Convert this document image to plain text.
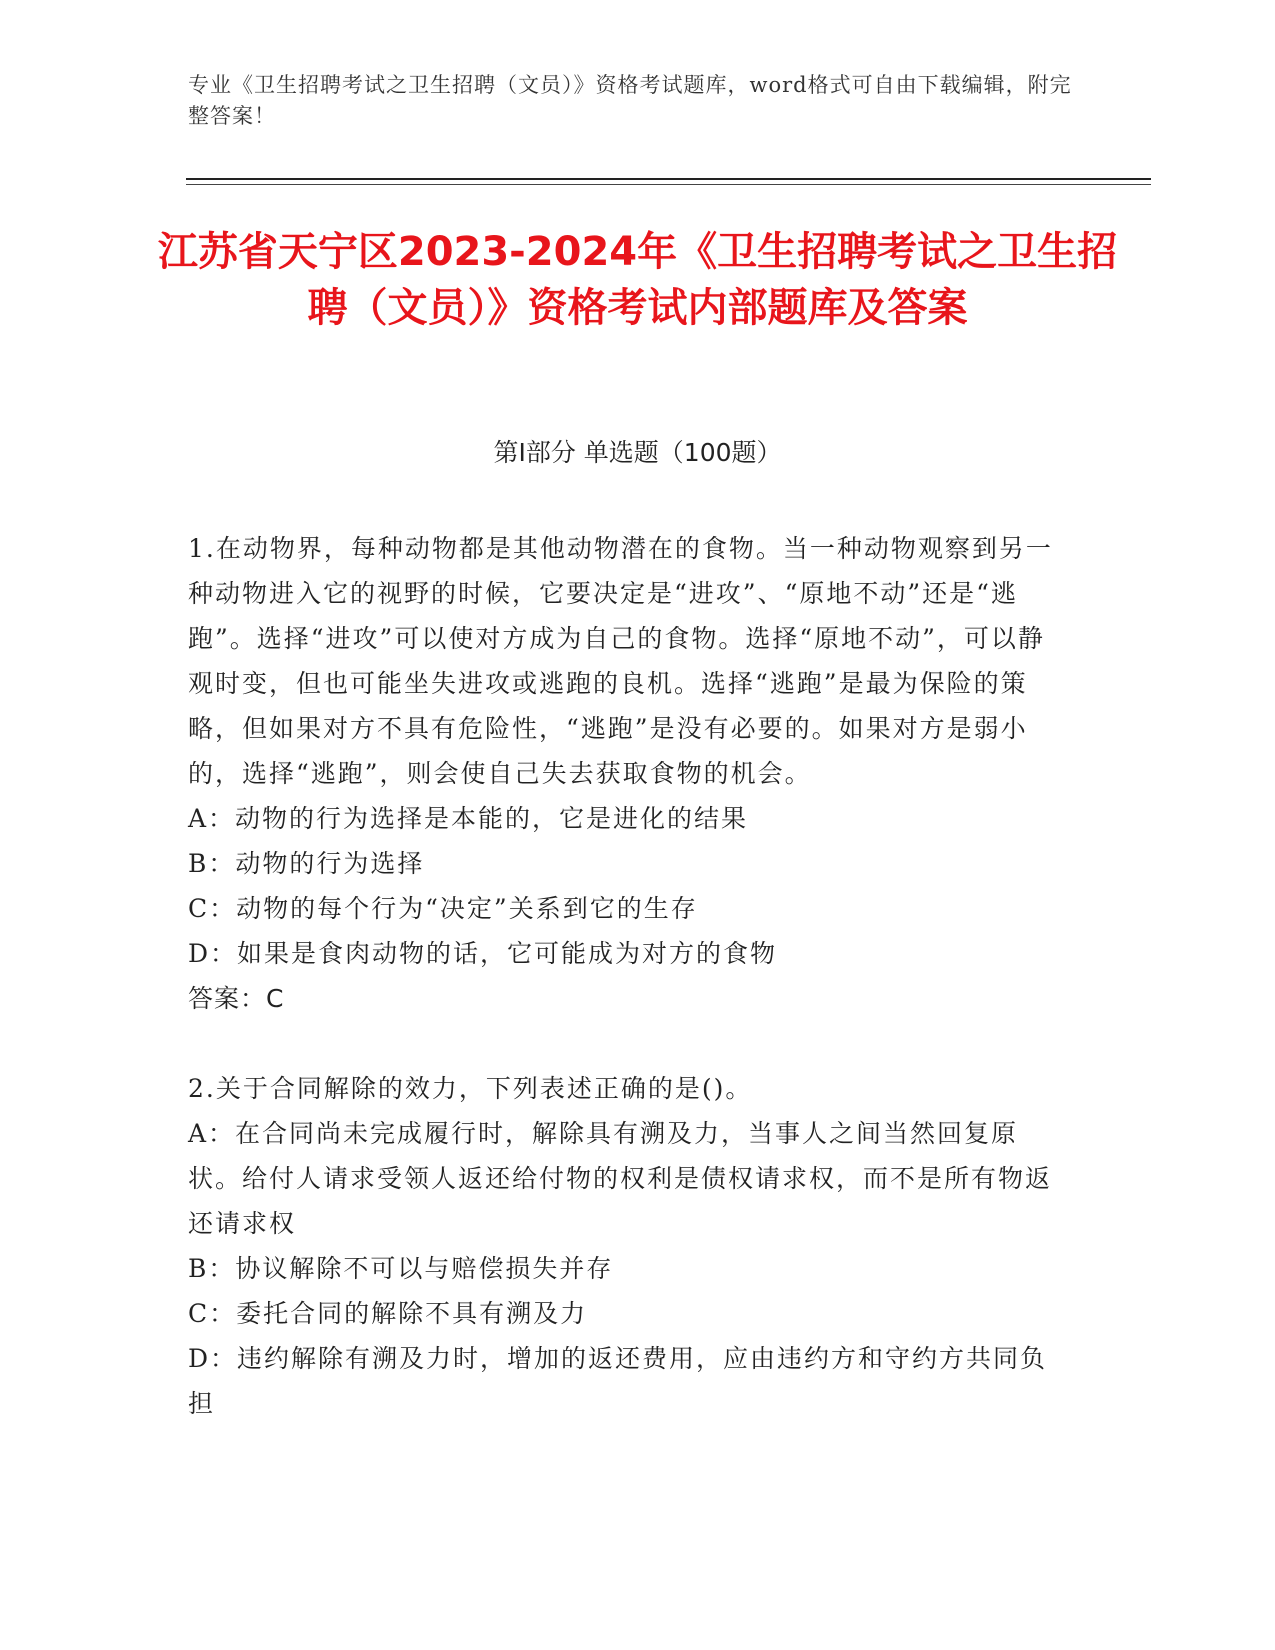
专业《卫生招聘考试之卫生招聘（文员）》资格考试题库，word格式可自由下载编辑，附完整答案！
江苏省天宁区2023-2024年《卫生招聘考试之卫生招聘（文员）》资格考试内部题库及答案
第I部分 单选题（100题）

1.在动物界，每种动物都是其他动物潜在的食物。当一种动物观察到另一种动物进入它的视野的时候，它要决定是“进攻”、“原地不动”还是“逃跑”。选择“进攻”可以使对方成为自己的食物。选择“原地不动”，可以静观时变，但也可能坐失进攻或逃跑的良机。选择“逃跑”是最为保险的策略，但如果对方不具有危险性，“逃跑”是没有必要的。如果对方是弱小的，选择“逃跑”，则会使自己失去获取食物的机会。

A：动物的行为选择是本能的，它是进化的结果

B：动物的行为选择

C：动物的每个行为“决定”关系到它的生存

D：如果是食肉动物的话，它可能成为对方的食物

答案：C

2.关于合同解除的效力，下列表述正确的是()。

A：在合同尚未完成履行时，解除具有溯及力，当事人之间当然回复原状。给付人请求受领人返还给付物的权利是债权请求权，而不是所有物返还请求权

B：协议解除不可以与赔偿损失并存

C：委托合同的解除不具有溯及力

D：违约解除有溯及力时，增加的返还费用，应由违约方和守约方共同负担
